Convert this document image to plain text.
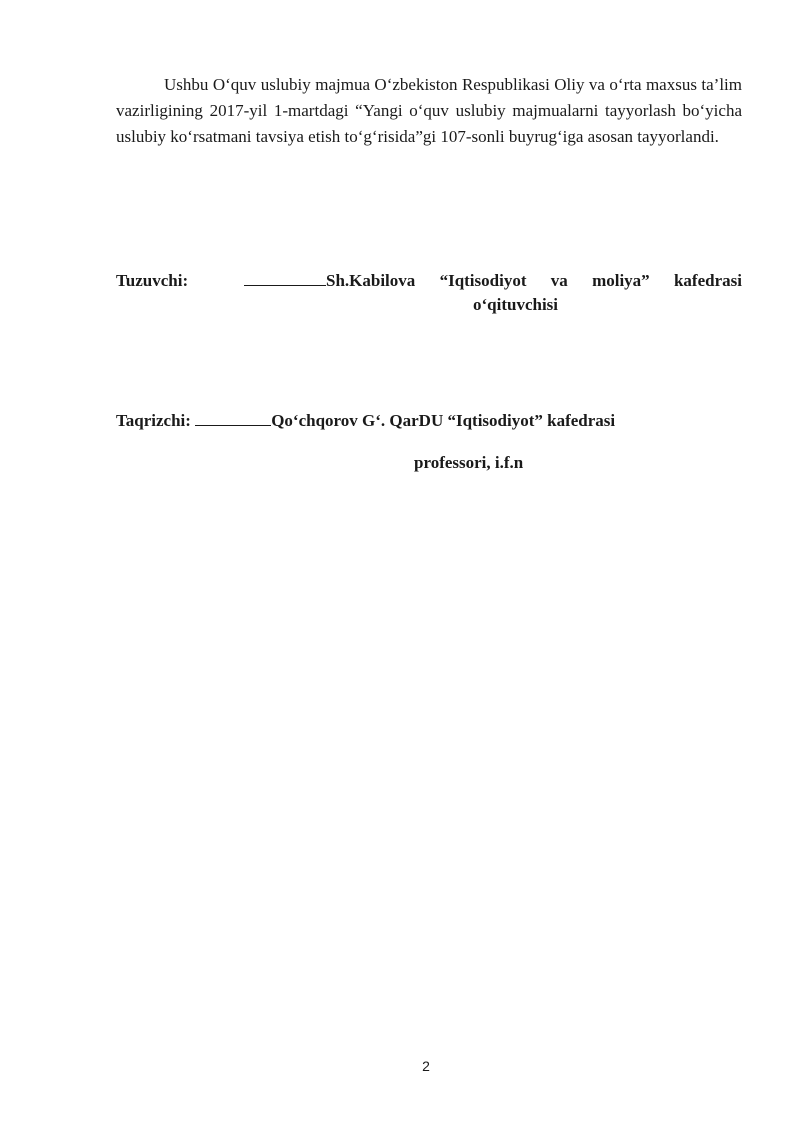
Ushbu O‘quv uslubiy majmua O‘zbekiston Respublikasi Oliy va o‘rta maxsus ta’lim vazirligining 2017-yil 1-martdagi “Yangi o‘quv uslubiy majmualarni tayyorlash bo‘yicha uslubiy ko‘rsatmani tavsiya etish to‘g‘risida”gi 107-sonli buyrug‘iga asosan tayyorlandi.

Tuzuvchi:	Sh.Kabilova “Iqtisodiyot va moliya” kafedrasi

o‘qituvchisi

Taqrizchi:	Qo‘chqorov G‘. QarDU “Iqtisodiyot” kafedrasi

professori, i.f.n

2
